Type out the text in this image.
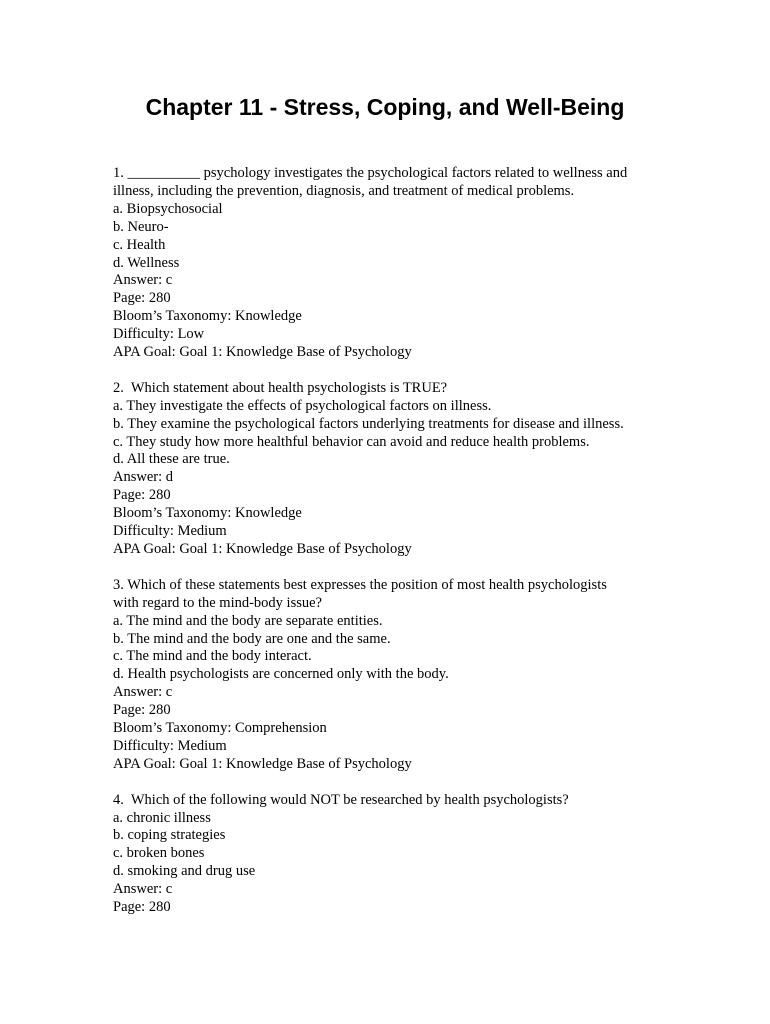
Chapter 11 - Stress, Coping, and Well-Being
1. __________ psychology investigates the psychological factors related to wellness and
illness, including the prevention, diagnosis, and treatment of medical problems.
a. Biopsychosocial
b. Neuro-
c. Health
d. Wellness
Answer: c
Page: 280
Bloom’s Taxonomy: Knowledge
Difficulty: Low
APA Goal: Goal 1: Knowledge Base of Psychology
2.  Which statement about health psychologists is TRUE?
a. They investigate the effects of psychological factors on illness.
b. They examine the psychological factors underlying treatments for disease and illness.
c. They study how more healthful behavior can avoid and reduce health problems.
d. All these are true.
Answer: d
Page: 280
Bloom’s Taxonomy: Knowledge
Difficulty: Medium
APA Goal: Goal 1: Knowledge Base of Psychology
3. Which of these statements best expresses the position of most health psychologists
with regard to the mind-body issue?
a. The mind and the body are separate entities.
b. The mind and the body are one and the same.
c. The mind and the body interact.
d. Health psychologists are concerned only with the body.
Answer: c
Page: 280
Bloom’s Taxonomy: Comprehension
Difficulty: Medium
APA Goal: Goal 1: Knowledge Base of Psychology
4.  Which of the following would NOT be researched by health psychologists?
a. chronic illness
b. coping strategies
c. broken bones
d. smoking and drug use
Answer: c
Page: 280
